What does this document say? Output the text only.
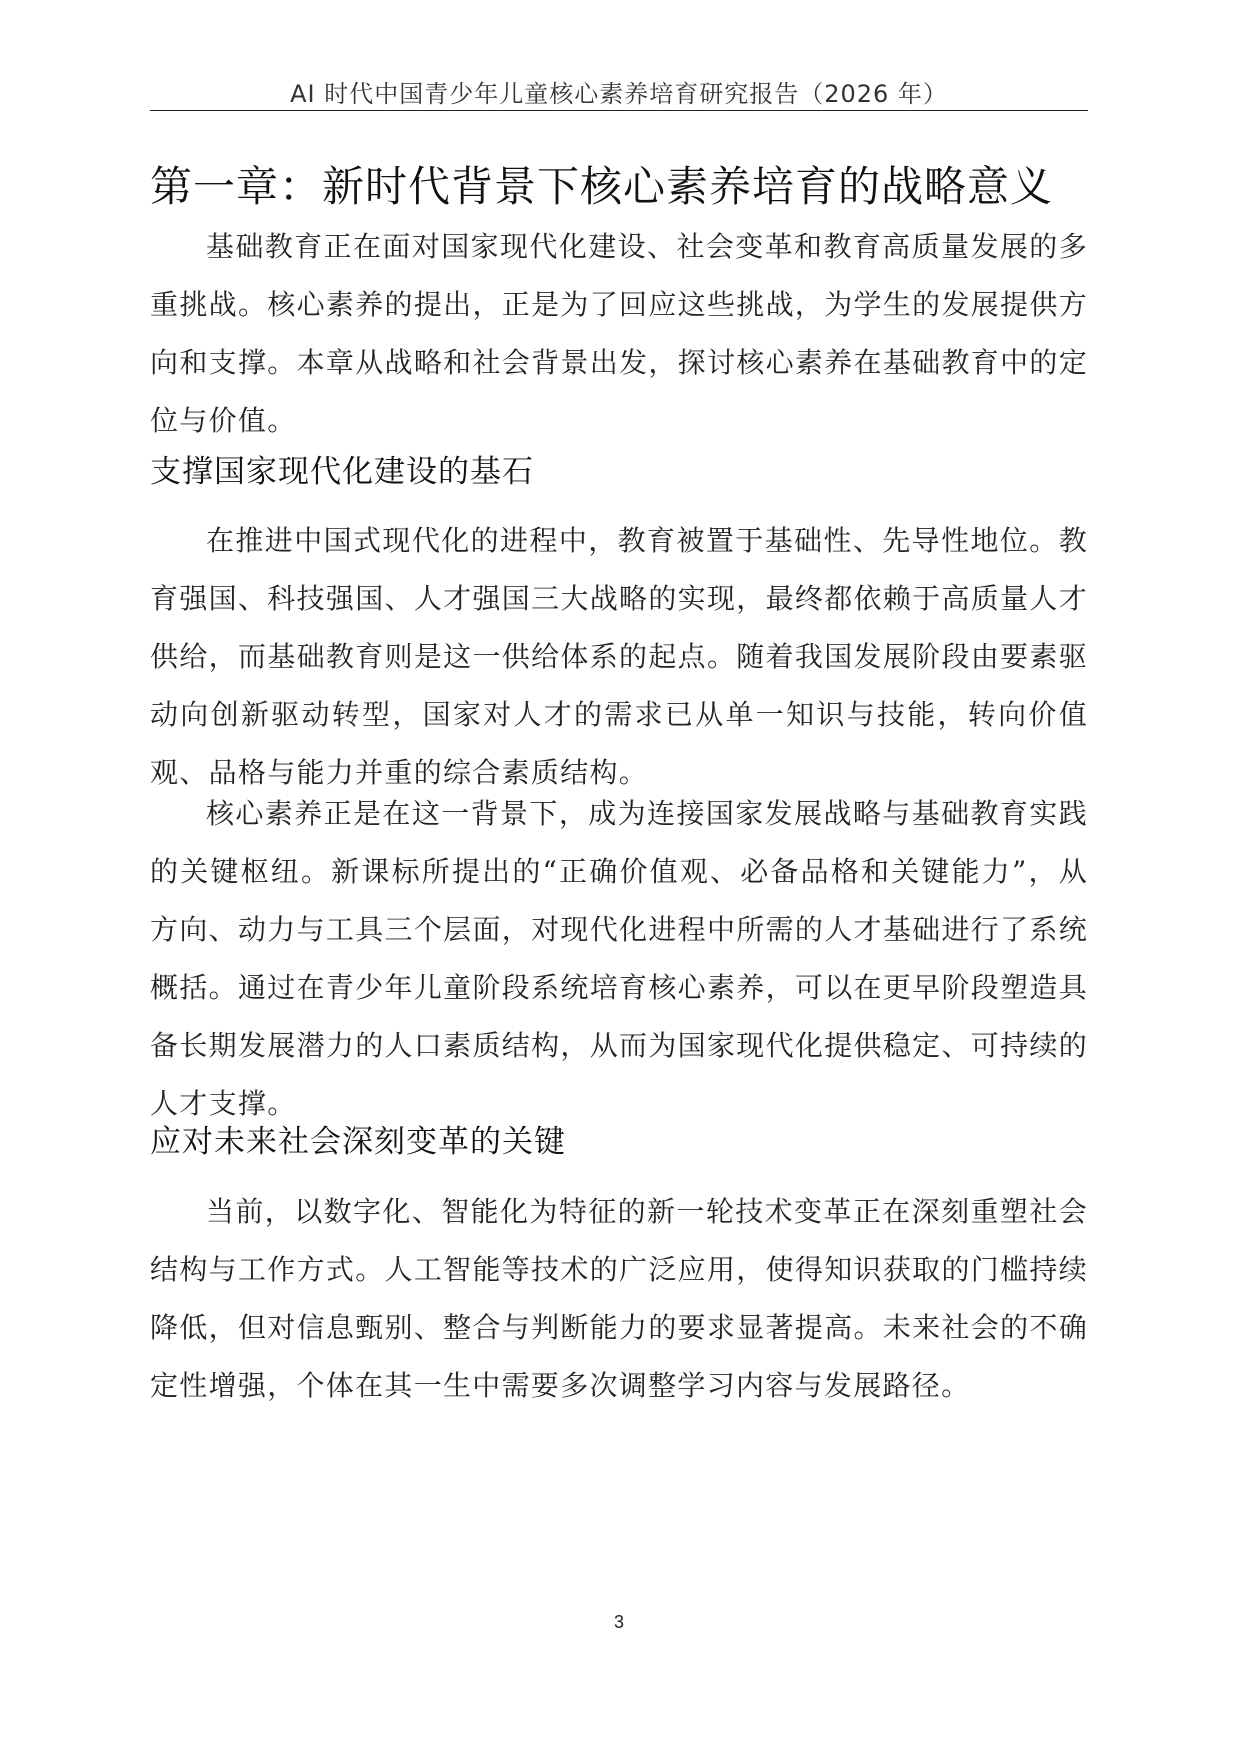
AI 时代中国青少年儿童核心素养培育研究报告（2026 年）
第一章：新时代背景下核心素养培育的战略意义

基础教育正在面对国家现代化建设、社会变革和教育高质量发展的多重挑战。核心素养的提出，正是为了回应这些挑战，为学生的发展提供方向和支撑。本章从战略和社会背景出发，探讨核心素养在基础教育中的定位与价值。

支撑国家现代化建设的基石

在推进中国式现代化的进程中，教育被置于基础性、先导性地位。教育强国、科技强国、人才强国三大战略的实现，最终都依赖于高质量人才供给，而基础教育则是这一供给体系的起点。随着我国发展阶段由要素驱动向创新驱动转型，国家对人才的需求已从单一知识与技能，转向价值观、品格与能力并重的综合素质结构。

核心素养正是在这一背景下，成为连接国家发展战略与基础教育实践的关键枢纽。新课标所提出的“正确价值观、必备品格和关键能力”，从方向、动力与工具三个层面，对现代化进程中所需的人才基础进行了系统概括。通过在青少年儿童阶段系统培育核心素养，可以在更早阶段塑造具备长期发展潜力的人口素质结构，从而为国家现代化提供稳定、可持续的人才支撑。

应对未来社会深刻变革的关键

当前，以数字化、智能化为特征的新一轮技术变革正在深刻重塑社会结构与工作方式。人工智能等技术的广泛应用，使得知识获取的门槛持续降低，但对信息甄别、整合与判断能力的要求显著提高。未来社会的不确定性增强，个体在其一生中需要多次调整学习内容与发展路径。

3
